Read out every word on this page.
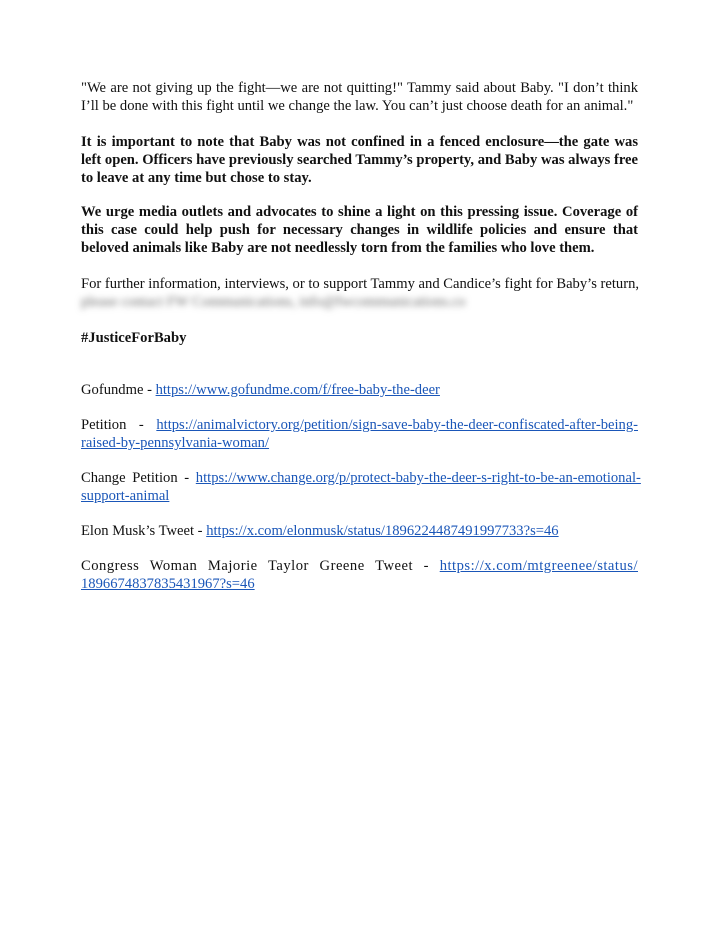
"We are not giving up the fight—we are not quitting!" Tammy said about Baby. "I don’t think I’ll be done with this fight until we change the law. You can’t just choose death for an animal."

It is important to note that Baby was not confined in a fenced enclosure—the gate was left open. Officers have previously searched Tammy’s property, and Baby was always free to leave at any time but chose to stay.

We urge media outlets and advocates to shine a light on this pressing issue. Coverage of this case could help push for necessary changes in wildlife policies and ensure that beloved animals like Baby are not needlessly torn from the families who love them.

For further information, interviews, or to support Tammy and Candice’s fight for Baby’s return,
please contact FW Communications, info@fwcommunications.co

#JusticeForBaby

Gofundme - https://www.gofundme.com/f/free-baby-the-deer

Petition - https://animalvictory.org/petition/sign-save-baby-the-deer-confiscated-after-being-
raised-by-pennsylvania-woman/

Change Petition - https://www.change.org/p/protect-baby-the-deer-s-right-to-be-an-emotional-
support-animal

Elon Musk’s Tweet - https://x.com/elonmusk/status/1896224487491997733?s=46

Congress Woman Majorie Taylor Greene Tweet - https://x.com/mtgreenee/status/
1896674837835431967?s=46
